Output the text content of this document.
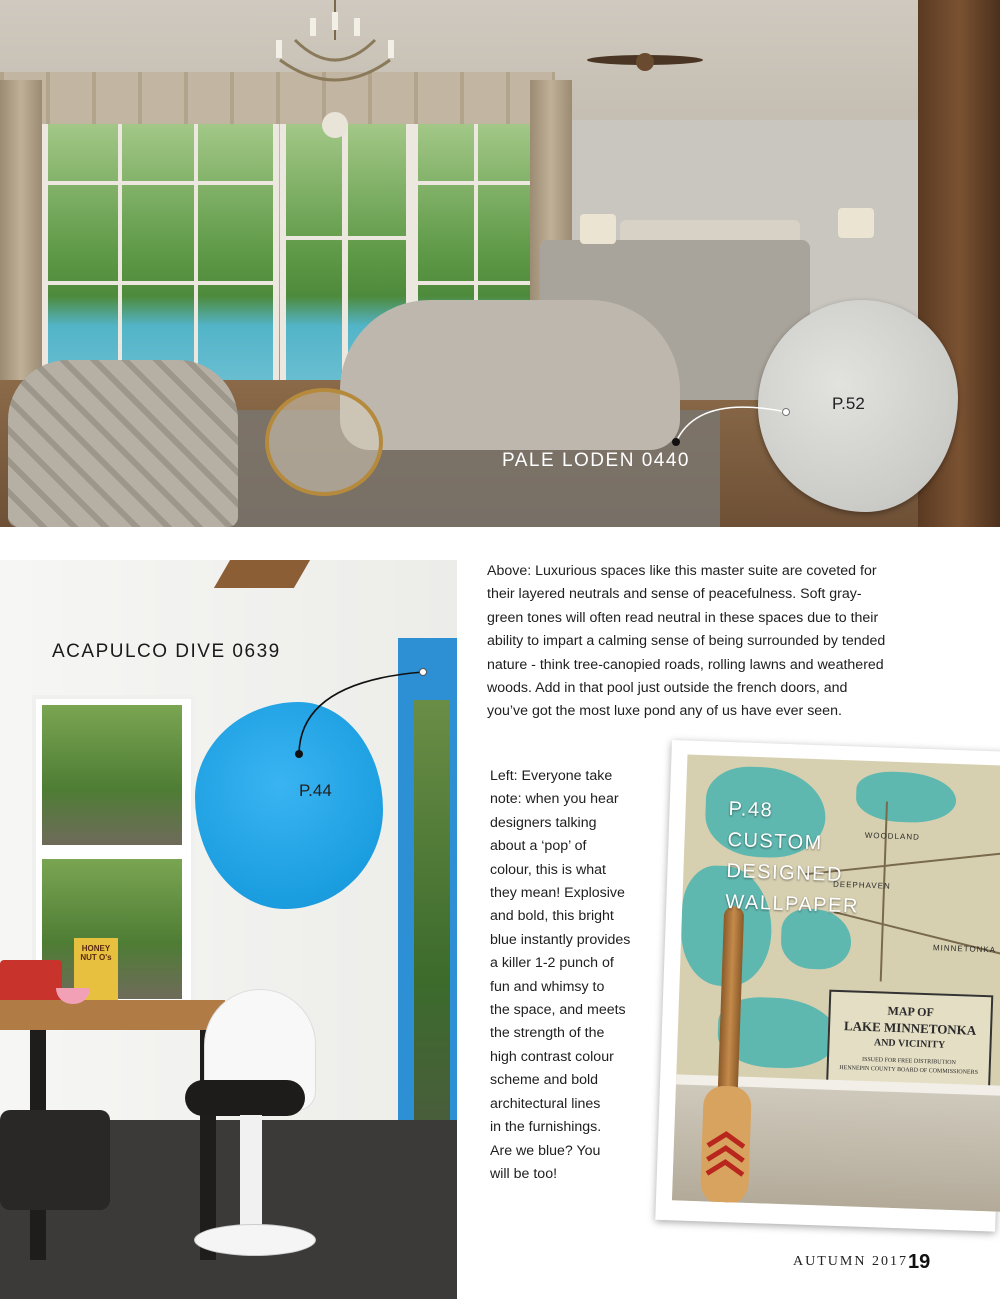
P.52
PALE LODEN 0440
HONEY NUT O's
P.44
ACAPULCO DIVE 0639
Above: Luxurious spaces like this master suite are coveted for
their layered neutrals and sense of peacefulness. Soft gray-
green tones will often read neutral in these spaces due to their
ability to impart a calming sense of being surrounded by tended
nature - think tree-canopied roads, rolling lawns and weathered
woods. Add in that pool just outside the french doors, and
you’ve got the most luxe pond any of us have ever seen.
Left: Everyone take
note: when you hear
designers talking
about a ‘pop’ of
colour, this is what
they mean! Explosive
and bold, this bright
blue instantly provides
a killer 1-2 punch of
fun and whimsy to
the space, and meets
the strength of the
high contrast colour
scheme and bold
architectural lines
in the furnishings.
Are we blue? You
will be too!
WOODLAND
DEEPHAVEN
MINNETONKA
MAP OF
LAKE MINNETONKA
AND VICINITY
ISSUED FOR FREE DISTRIBUTION
HENNEPIN COUNTY BOARD OF COMMISSIONERS
P.48
CUSTOM
DESIGNED
WALLPAPER
AUTUMN 2017 19
